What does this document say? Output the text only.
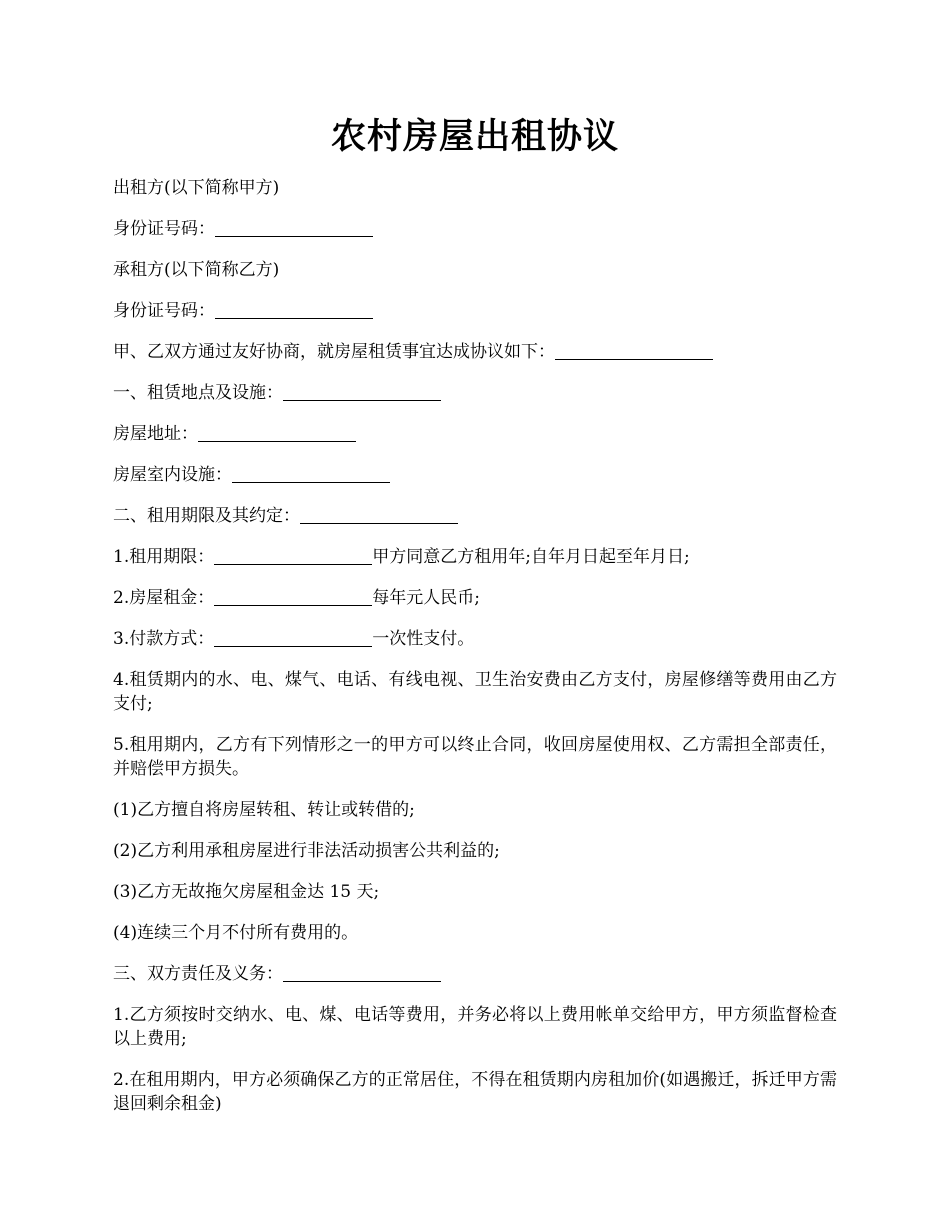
农村房屋出租协议

出租方(以下简称甲方)

身份证号码：

承租方(以下简称乙方)

身份证号码：

甲、乙双方通过友好协商，就房屋租赁事宜达成协议如下：

一、租赁地点及设施：

房屋地址：

房屋室内设施：

二、租用期限及其约定：

1.租用期限：	甲方同意乙方租用年;自年月日起至年月日;

2.房屋租金：	每年元人民币;

3.付款方式：	一次性支付。

4.租赁期内的水、电、煤气、电话、有线电视、卫生治安费由乙方支付，房屋修缮等费用由乙方支付;

5.租用期内，乙方有下列情形之一的甲方可以终止合同，收回房屋使用权、乙方需担全部责任，并赔偿甲方损失。

(1)乙方擅自将房屋转租、转让或转借的;

(2)乙方利用承租房屋进行非法活动损害公共利益的;

(3)乙方无故拖欠房屋租金达 15 天;

(4)连续三个月不付所有费用的。

三、双方责任及义务：

1.乙方须按时交纳水、电、煤、电话等费用，并务必将以上费用帐单交给甲方，甲方须监督检查以上费用;

2.在租用期内，甲方必须确保乙方的正常居住，不得在租赁期内房租加价(如遇搬迁，拆迁甲方需退回剩余租金)
